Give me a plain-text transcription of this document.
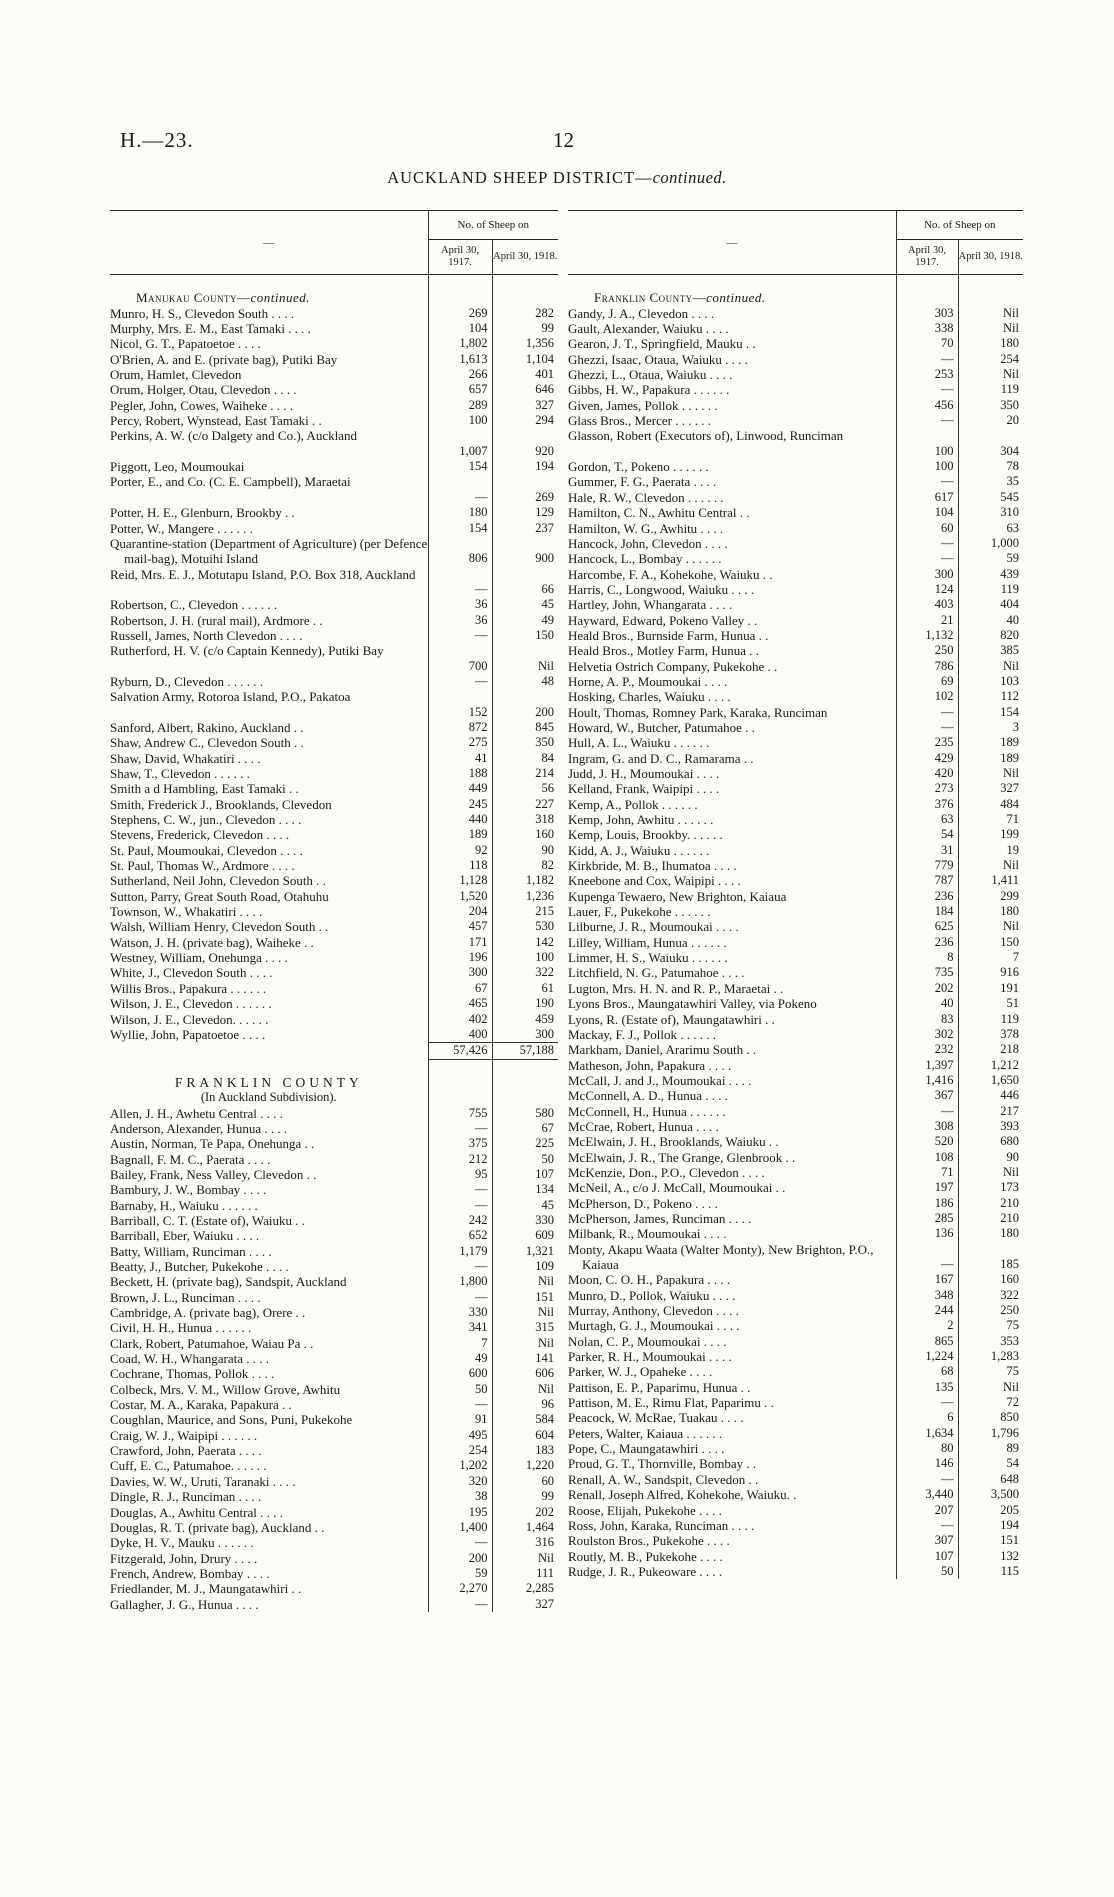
H.—23.	12
AUCKLAND SHEEP DISTRICT—continued.
—	No. of Sheep on	
	April 30, 1917.	April 30, 1918.

Manukau County—continued.		

Munro, H. S., Clevedon South . . . .	269	282

Murphy, Mrs. E. M., East Tamaki . . . .	104	99

Nicol, G. T., Papatoetoe . . . .	1,802	1,356

O'Brien, A. and E. (private bag), Putiki Bay	1,613	1,104

Orum, Hamlet, Clevedon	266	401

Orum, Holger, Otau, Clevedon . . . .	657	646

Pegler, John, Cowes, Waiheke . . . .	289	327

Percy, Robert, Wynstead, East Tamaki . .	100	294

Perkins, A. W. (c/o Dalgety and Co.), Auckland	1,007	920

Piggott, Leo, Moumoukai	154	194

Porter, E., and Co. (C. E. Campbell), Maraetai	—	269

Potter, H. E., Glenburn, Brookby . .	180	129

Potter, W., Mangere . . . . . .	154	237

Quarantine-station (Department of Agriculture) (per Defence mail-bag), Motuihi Island	806	900

Reid, Mrs. E. J., Motutapu Island, P.O. Box 318, Auckland	—	66

Robertson, C., Clevedon . . . . . .	36	45

Robertson, J. H. (rural mail), Ardmore . .	36	49

Russell, James, North Clevedon . . . .	—	150

Rutherford, H. V. (c/o Captain Kennedy), Putiki Bay	700	Nil

Ryburn, D., Clevedon . . . . . .	—	48

Salvation Army, Rotoroa Island, P.O., Pakatoa	152	200

Sanford, Albert, Rakino, Auckland . .	872	845

Shaw, Andrew C., Clevedon South . .	275	350

Shaw, David, Whakatiri . . . .	41	84

Shaw, T., Clevedon . . . . . .	188	214

Smith a d Hambling, East Tamaki . .	449	56

Smith, Frederick J., Brooklands, Clevedon	245	227

Stephens, C. W., jun., Clevedon . . . .	440	318

Stevens, Frederick, Clevedon . . . .	189	160

St. Paul, Moumoukai, Clevedon . . . .	92	90

St. Paul, Thomas W., Ardmore . . . .	118	82

Sutherland, Neil John, Clevedon South . .	1,128	1,182

Sutton, Parry, Great South Road, Otahuhu	1,520	1,236

Townson, W., Whakatiri . . . .	204	215

Walsh, William Henry, Clevedon South . .	457	530

Watson, J. H. (private bag), Waiheke . .	171	142

Westney, William, Onehunga . . . .	196	100

White, J., Clevedon South . . . .	300	322

Willis Bros., Papakura . . . . . .	67	61

Wilson, J. E., Clevedon . . . . . .	465	190

Wilson, J. E., Clevedon. . . . . .	402	459

Wyllie, John, Papatoetoe . . . .	400	300
	57,426	57,188

FRANKLIN COUNTY		
(In Auckland Subdivision).		

Allen, J. H., Awhetu Central . . . .	755	580

Anderson, Alexander, Hunua . . . .	—	67

Austin, Norman, Te Papa, Onehunga . .	375	225

Bagnall, F. M. C., Paerata . . . .	212	50

Bailey, Frank, Ness Valley, Clevedon . .	95	107

Bambury, J. W., Bombay . . . .	—	134

Barnaby, H., Waiuku . . . . . .	—	45

Barriball, C. T. (Estate of), Waiuku . .	242	330

Barriball, Eber, Waiuku . . . .	652	609

Batty, William, Runciman . . . .	1,179	1,321

Beatty, J., Butcher, Pukekohe . . . .	—	109

Beckett, H. (private bag), Sandspit, Auckland	1,800	Nil

Brown, J. L., Runciman . . . .	—	151

Cambridge, A. (private bag), Orere . .	330	Nil

Civil, H. H., Hunua . . . . . .	341	315

Clark, Robert, Patumahoe, Waiau Pa . .	7	Nil

Coad, W. H., Whangarata . . . .	49	141

Cochrane, Thomas, Pollok . . . .	600	606

Colbeck, Mrs. V. M., Willow Grove, Awhitu	50	Nil

Costar, M. A., Karaka, Papakura . .	—	96

Coughlan, Maurice, and Sons, Puni, Pukekohe	91	584

Craig, W. J., Waipipi . . . . . .	495	604

Crawford, John, Paerata . . . .	254	183

Cuff, E. C., Patumahoe. . . . . .	1,202	1,220

Davies, W. W., Uruti, Taranaki . . . .	320	60

Dingle, R. J., Runciman . . . .	38	99

Douglas, A., Awhitu Central . . . .	195	202

Douglas, R. T. (private bag), Auckland . .	1,400	1,464

Dyke, H. V., Mauku . . . . . .	—	316

Fitzgerald, John, Drury . . . .	200	Nil

French, Andrew, Bombay . . . .	59	111

Friedlander, M. J., Maungatawhiri . .	2,270	2,285

Gallagher, J. G., Hunua . . . .	—	327
—	No. of Sheep on	
	April 30, 1917.	April 30, 1918.

Franklin County—continued.		

Gandy, J. A., Clevedon . . . .	303	Nil

Gault, Alexander, Waiuku . . . .	338	Nil

Gearon, J. T., Springfield, Mauku . .	70	180

Ghezzi, Isaac, Otaua, Waiuku . . . .	—	254

Ghezzi, L., Otaua, Waiuku . . . .	253	Nil

Gibbs, H. W., Papakura . . . . . .	—	119

Given, James, Pollok . . . . . .	456	350

Glass Bros., Mercer . . . . . .	—	20

Glasson, Robert (Executors of), Linwood, Runciman	100	304

Gordon, T., Pokeno . . . . . .	100	78

Gummer, F. G., Paerata . . . .	—	35

Hale, R. W., Clevedon . . . . . .	617	545

Hamilton, C. N., Awhitu Central . .	104	310

Hamilton, W. G., Awhitu . . . .	60	63

Hancock, John, Clevedon . . . .	—	1,000

Hancock, L., Bombay . . . . . .	—	59

Harcombe, F. A., Kohekohe, Waiuku . .	300	439

Harris, C., Longwood, Waiuku . . . .	124	119

Hartley, John, Whangarata . . . .	403	404

Hayward, Edward, Pokeno Valley . .	21	40

Heald Bros., Burnside Farm, Hunua . .	1,132	820

Heald Bros., Motley Farm, Hunua . .	250	385

Helvetia Ostrich Company, Pukekohe . .	786	Nil

Horne, A. P., Moumoukai . . . .	69	103

Hosking, Charles, Waiuku . . . .	102	112

Hoult, Thomas, Romney Park, Karaka, Runciman	—	154

Howard, W., Butcher, Patumahoe . .	—	3

Hull, A. L., Waiuku . . . . . .	235	189

Ingram, G. and D. C., Ramarama . .	429	189

Judd, J. H., Moumoukai . . . .	420	Nil

Kelland, Frank, Waipipi . . . .	273	327

Kemp, A., Pollok . . . . . .	376	484

Kemp, John, Awhitu . . . . . .	63	71

Kemp, Louis, Brookby. . . . . .	54	199

Kidd, A. J., Waiuku . . . . . .	31	19

Kirkbride, M. B., Ihumatoa . . . .	779	Nil

Kneebone and Cox, Waipipi . . . .	787	1,411

Kupenga Tewaero, New Brighton, Kaiaua	236	299

Lauer, F., Pukekohe . . . . . .	184	180

Lilburne, J. R., Moumoukai . . . .	625	Nil

Lilley, William, Hunua . . . . . .	236	150

Limmer, H. S., Waiuku . . . . . .	8	7

Litchfield, N. G., Patumahoe . . . .	735	916

Lugton, Mrs. H. N. and R. P., Maraetai . .	202	191

Lyons Bros., Maungatawhiri Valley, via Pokeno	40	51

Lyons, R. (Estate of), Maungatawhiri . .	83	119

Mackay, F. J., Pollok . . . . . .	302	378

Markham, Daniel, Ararimu South . .	232	218

Matheson, John, Papakura . . . .	1,397	1,212

McCall, J. and J., Moumoukai . . . .	1,416	1,650

McConnell, A. D., Hunua . . . .	367	446

McConnell, H., Hunua . . . . . .	—	217

McCrae, Robert, Hunua . . . .	308	393

McElwain, J. H., Brooklands, Waiuku . .	520	680

McElwain, J. R., The Grange, Glenbrook . .	108	90

McKenzie, Don., P.O., Clevedon . . . .	71	Nil

McNeil, A., c/o J. McCall, Moumoukai . .	197	173

McPherson, D., Pokeno . . . .	186	210

McPherson, James, Runciman . . . .	285	210

Milbank, R., Moumoukai . . . .	136	180

Monty, Akapu Waata (Walter Monty), New Brighton, P.O., Kaiaua	—	185

Moon, C. O. H., Papakura . . . .	167	160

Munro, D., Pollok, Waiuku . . . .	348	322

Murray, Anthony, Clevedon . . . .	244	250

Murtagh, G. J., Moumoukai . . . .	2	75

Nolan, C. P., Moumoukai . . . .	865	353

Parker, R. H., Moumoukai . . . .	1,224	1,283

Parker, W. J., Opaheke . . . .	68	75

Pattison, E. P., Paparimu, Hunua . .	135	Nil

Pattison, M. E., Rimu Flat, Paparimu . .	—	72

Peacock, W. McRae, Tuakau . . . .	6	850

Peters, Walter, Kaiaua . . . . . .	1,634	1,796

Pope, C., Maungatawhiri . . . .	80	89

Proud, G. T., Thornville, Bombay . .	146	54

Renall, A. W., Sandspit, Clevedon . .	—	648

Renall, Joseph Alfred, Kohekohe, Waiuku. .	3,440	3,500

Roose, Elijah, Pukekohe . . . .	207	205

Ross, John, Karaka, Runciman . . . .	—	194

Roulston Bros., Pukekohe . . . .	307	151

Routly, M. B., Pukekohe . . . .	107	132

Rudge, J. R., Pukeoware . . . .	50	115
